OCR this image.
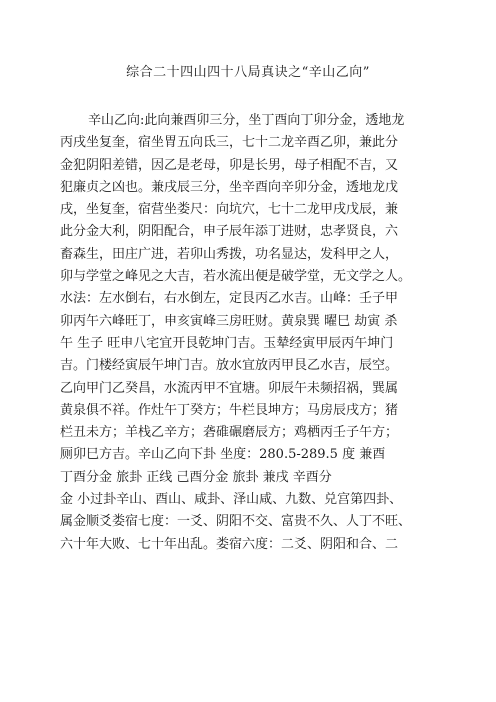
综合二十四山四十八局真诀之“辛山乙向”
辛山乙向:此向兼酉卯三分，坐丁酉向丁卯分金，透地龙
丙戌坐复奎，宿坐胃五向氐三，七十二龙辛酉乙卯，兼此分
金犯阴阳差错，因乙是老母，卯是长男，母子相配不吉，又
犯廉贞之凶也。兼戌辰三分，坐辛酉向辛卯分金，透地龙戊
戌，坐复奎，宿营坐娄尺：向坑穴，七十二龙甲戌戊辰，兼
此分金大利，阴阳配合，申子辰年添丁进财，忠孝贤良，六
畜森生，田庄广进，若卯山秀拨，功名显达，发科甲之人，
卯与学堂之峰见之大吉，若水流出便是破学堂，无文学之人。
水法：左水倒右，右水倒左，定艮丙乙水吉。山峰：壬子甲
卯丙午六峰旺丁，申亥寅峰三房旺财。黄泉巽 曜巳 劫寅 杀
午 生子 旺申八宅宜开艮乾坤门吉。玉辇经寅甲辰丙午坤门
吉。门楼经寅辰午坤门吉。放水宜放丙甲艮乙水吉，辰空。
乙向甲门乙癸昌，水流丙甲不宜塘。卯辰午未频招祸，巽属
黄泉俱不祥。作灶午丁癸方；牛栏艮坤方；马房辰戌方；猪
栏丑未方；羊栈乙辛方；砻碓碾磨辰方；鸡栖丙壬子午方；
厕卯巳方吉。辛山乙向下卦 坐度：280.5-289.5 度 兼酉
丁酉分金 旅卦 正线 己酉分金 旅卦 兼戌 辛酉分
金 小过卦辛山、酉山、咸卦、泽山咸、九数、兑宫第四卦、
属金顺爻娄宿七度：一爻、阴阳不交、富贵不久、人丁不旺、
六十年大败、七十年出乱。娄宿六度：二爻、阴阳和合、二
